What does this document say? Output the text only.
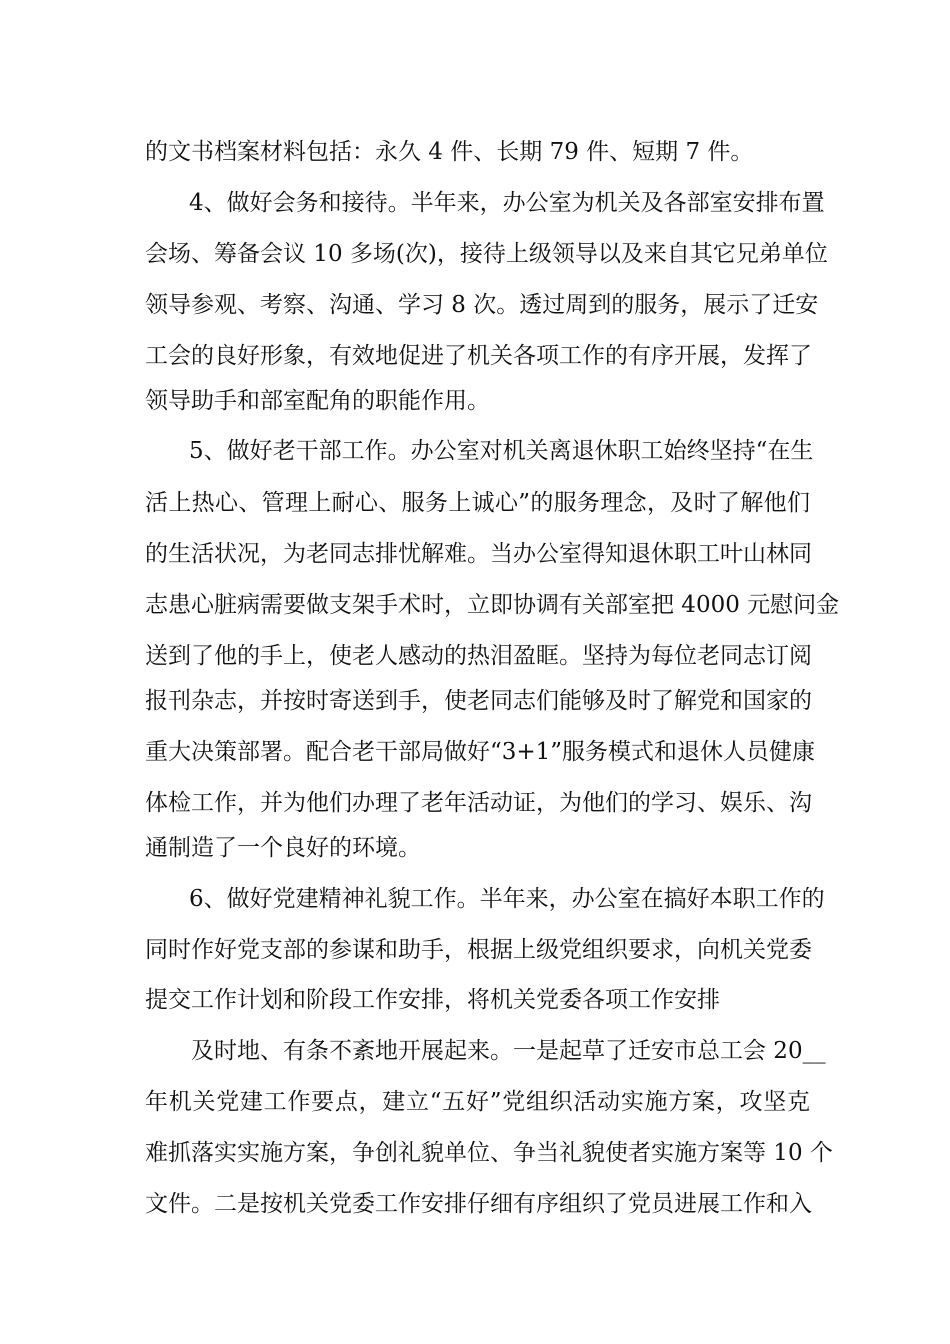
的文书档案材料包括：永久 4 件、长期 79 件、短期 7 件。
4、做好会务和接待。半年来，办公室为机关及各部室安排布置
会场、筹备会议 10 多场(次)，接待上级领导以及来自其它兄弟单位
领导参观、考察、沟通、学习 8 次。透过周到的服务，展示了迁安
工会的良好形象，有效地促进了机关各项工作的有序开展，发挥了
领导助手和部室配角的职能作用。
5、做好老干部工作。办公室对机关离退休职工始终坚持“在生
活上热心、管理上耐心、服务上诚心”的服务理念，及时了解他们
的生活状况，为老同志排忧解难。当办公室得知退休职工叶山林同
志患心脏病需要做支架手术时，立即协调有关部室把 4000 元慰问金
送到了他的手上，使老人感动的热泪盈眶。坚持为每位老同志订阅
报刊杂志，并按时寄送到手，使老同志们能够及时了解党和国家的
重大决策部署。配合老干部局做好“3+1”服务模式和退休人员健康
体检工作，并为他们办理了老年活动证，为他们的学习、娱乐、沟
通制造了一个良好的环境。
6、做好党建精神礼貌工作。半年来，办公室在搞好本职工作的
同时作好党支部的参谋和助手，根据上级党组织要求，向机关党委
提交工作计划和阶段工作安排，将机关党委各项工作安排
及时地、有条不紊地开展起来。一是起草了迁安市总工会 20__
年机关党建工作要点，建立“五好”党组织活动实施方案，攻坚克
难抓落实实施方案，争创礼貌单位、争当礼貌使者实施方案等 10 个
文件。二是按机关党委工作安排仔细有序组织了党员进展工作和入
